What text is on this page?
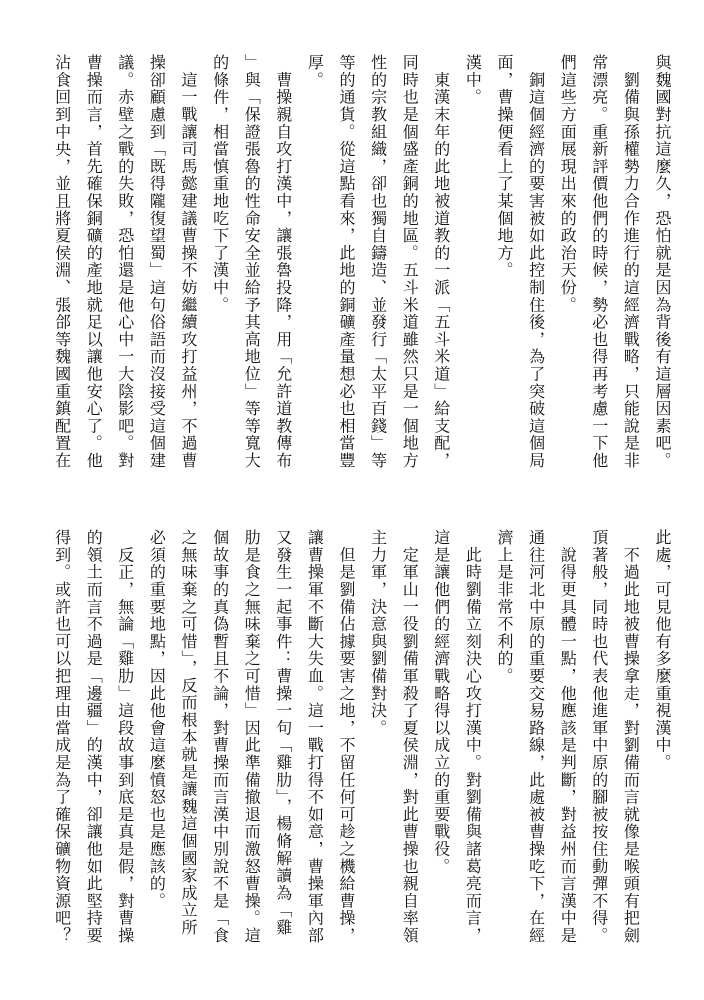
與魏國對抗這麼久，恐怕就是因為背後有這層因素吧。
　劉備與孫權勢力合作進行的這經濟戰略，只能說是非
常漂亮。重新評價他們的時候，勢必也得再考慮一下他
們這些方面展現出來的政治天份。
　銅這個經濟的要害被如此控制住後，為了突破這個局
面，曹操便看上了某個地方。
漢中。
　東漢末年的此地被道教的一派「五斗米道」給支配，
同時也是個盛產銅的地區。五斗米道雖然只是一個地方
性的宗教組織，卻也獨自鑄造、並發行「太平百錢」等
等的通貨。從這點看來，此地的銅礦產量想必也相當豐
厚。
　曹操親自攻打漢中，讓張魯投降，用「允許道教傳布
」與「保證張魯的性命安全並給予其高地位」等等寬大
的條件，相當慎重地吃下了漢中。
　這一戰讓司馬懿建議曹操不妨繼續攻打益州，不過曹
操卻顧慮到「既得隴復望蜀」這句俗語而沒接受這個建
議。赤壁之戰的失敗，恐怕還是他心中一大陰影吧。對
曹操而言，首先確保銅礦的產地就足以讓他安心了。他
沾食回到中央，並且將夏侯淵、張郃等魏國重鎮配置在
此處，可見他有多麼重視漢中。
　不過此地被曹操拿走，對劉備而言就像是喉頭有把劍
頂著般，同時也代表他進軍中原的腳被按住動彈不得。
　說得更具體一點，他應該是判斷，對益州而言漢中是
通往河北中原的重要交易路線，此處被曹操吃下，在經
濟上是非常不利的。
　此時劉備立刻決心攻打漢中。對劉備與諸葛亮而言，
這是讓他們的經濟戰略得以成立的重要戰役。
　定軍山一役劉備軍殺了夏侯淵，對此曹操也親自率領
主力軍，決意與劉備對決。
　但是劉備佔據要害之地，不留任何可趁之機給曹操，
讓曹操軍不斷大失血。這一戰打得不如意，曹操軍內部
又發生一起事件：曹操一句「雞肋」，楊脩解讀為「雞
肋是食之無味棄之可惜」因此準備撤退而激怒曹操。這
個故事的真偽暫且不論，對曹操而言漢中別說不是「食
之無味棄之可惜」，反而根本就是讓魏這個國家成立所
必須的重要地點，因此他會這麼憤怒也是應該的。
　反正，無論「雞肋」這段故事到底是真是假，對曹操
的領土而言不過是「邊疆」的漢中，卻讓他如此堅持要
得到。或許也可以把理由當成是為了確保礦物資源吧？
